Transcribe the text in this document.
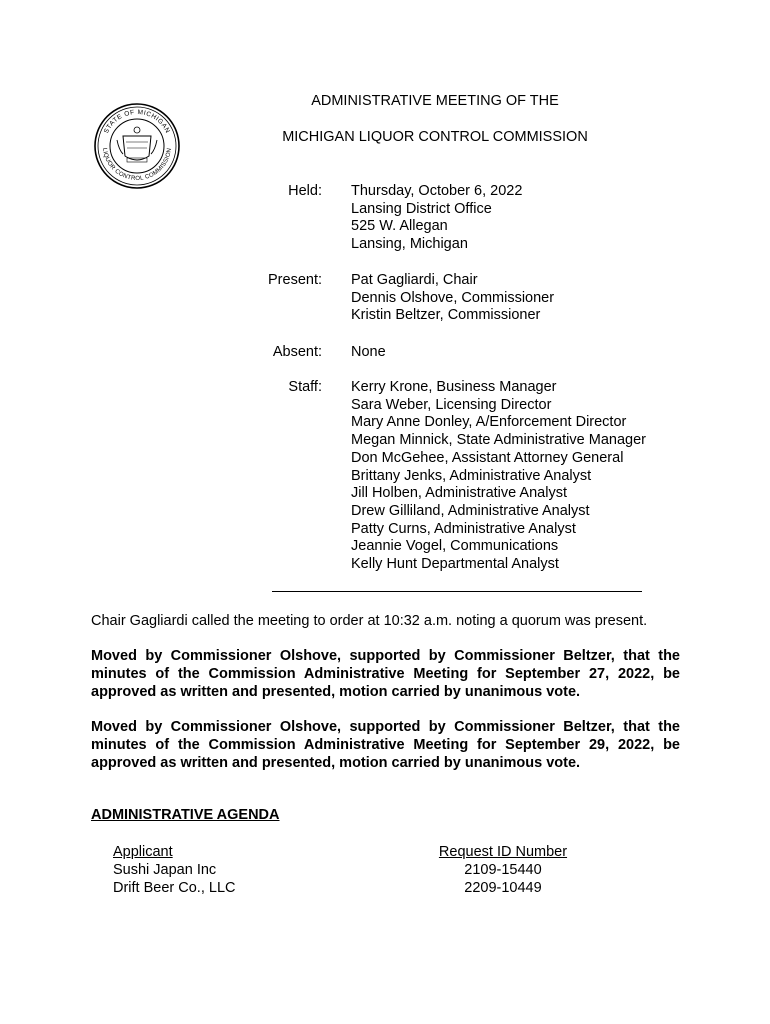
STATE OF MICHIGAN
LIQUOR CONTROL COMMISSION
ADMINISTRATIVE MEETING OF THE
MICHIGAN LIQUOR CONTROL COMMISSION
Held: Thursday, October 6, 2022
Lansing District Office
525 W. Allegan
Lansing, Michigan
Present: Pat Gagliardi, Chair
Dennis Olshove, Commissioner
Kristin Beltzer, Commissioner
Absent: None
Staff: Kerry Krone, Business Manager
Sara Weber, Licensing Director
Mary Anne Donley, A/Enforcement Director
Megan Minnick, State Administrative Manager
Don McGehee, Assistant Attorney General
Brittany Jenks, Administrative Analyst
Jill Holben, Administrative Analyst
Drew Gilliland, Administrative Analyst
Patty Curns, Administrative Analyst
Jeannie Vogel, Communications
Kelly Hunt Departmental Analyst
Chair Gagliardi called the meeting to order at 10:32 a.m. noting a quorum was present.
Moved by Commissioner Olshove, supported by Commissioner Beltzer, that the minutes of the Commission Administrative Meeting for September 27, 2022, be approved as written and presented, motion carried by unanimous vote.
Moved by Commissioner Olshove, supported by Commissioner Beltzer, that the minutes of the Commission Administrative Meeting for September 29, 2022, be approved as written and presented, motion carried by unanimous vote.
ADMINISTRATIVE AGENDA
Applicant	Request ID Number
Sushi Japan Inc	2109-15440
Drift Beer Co., LLC	2209-10449
